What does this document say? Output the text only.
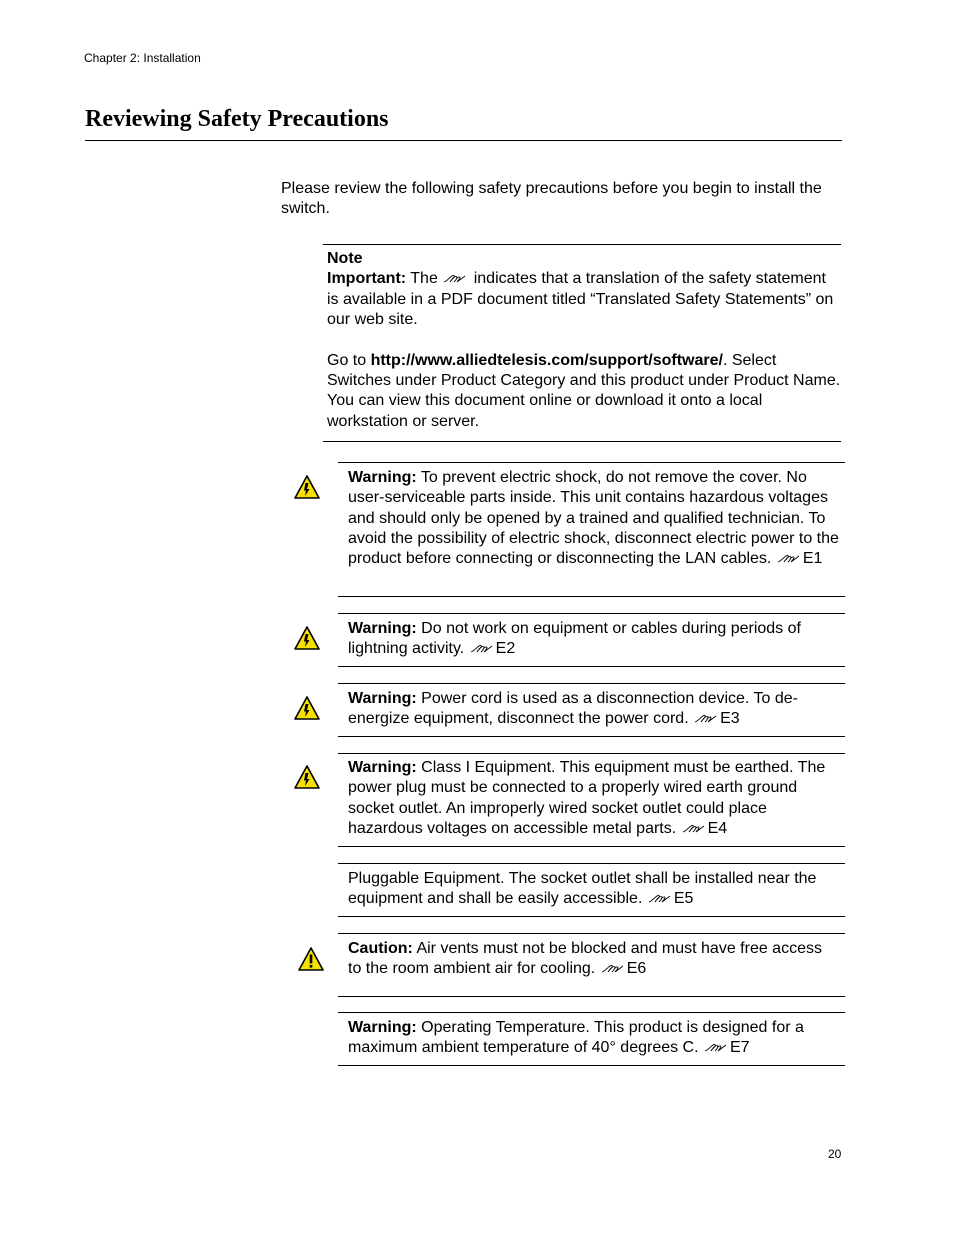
Chapter 2: Installation
Reviewing Safety Precautions

Please review the following safety precautions before you begin to install the switch.

Note

Important: The  indicates that a translation of the safety statement is available in a PDF document titled “Translated Safety Statements” on our web site.

Go to http://www.alliedtelesis.com/support/software/. Select Switches under Product Category and this product under Product Name. You can view this document online or download it onto a local workstation or server.

Warning: To prevent electric shock, do not remove the cover. No user-serviceable parts inside. This unit contains hazardous voltages and should only be opened by a trained and qualified technician. To avoid the possibility of electric shock, disconnect electric power to the product before connecting or disconnecting the LAN cables. E1

Warning: Do not work on equipment or cables during periods of lightning activity. E2

Warning: Power cord is used as a disconnection device. To de-energize equipment, disconnect the power cord. E3

Warning: Class I Equipment. This equipment must be earthed. The power plug must be connected to a properly wired earth ground socket outlet. An improperly wired socket outlet could place hazardous voltages on accessible metal parts. E4

Pluggable Equipment. The socket outlet shall be installed near the equipment and shall be easily accessible. E5

Caution: Air vents must not be blocked and must have free access to the room ambient air for cooling. E6

Warning: Operating Temperature. This product is designed for a maximum ambient temperature of 40° degrees C. E7

20
